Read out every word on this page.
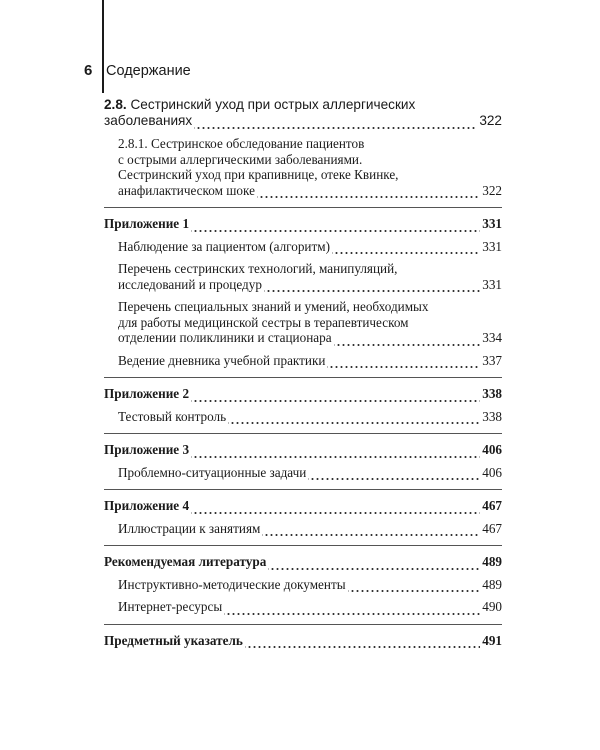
6 Содержание
2.8. Сестринский уход при острых аллергических
заболеваниях	322
2.8.1. Сестринское обследование пациентов
с острыми аллергическими заболеваниями.
Сестринский уход при крапивнице, отеке Квинке,
анафилактическом шоке	322
Приложение 1	331
Наблюдение за пациентом (алгоритм)	331
Перечень сестринских технологий, манипуляций,
исследований и процедур	331
Перечень специальных знаний и умений, необходимых
для работы медицинской сестры в терапевтическом
отделении поликлиники и стационара	334
Ведение дневника учебной практики	337
Приложение 2	338
Тестовый контроль	338
Приложение 3	406
Проблемно-ситуационные задачи	406
Приложение 4	467
Иллюстрации к занятиям	467
Рекомендуемая литература	489
Инструктивно-методические документы	489
Интернет-ресурсы	490
Предметный указатель	491
